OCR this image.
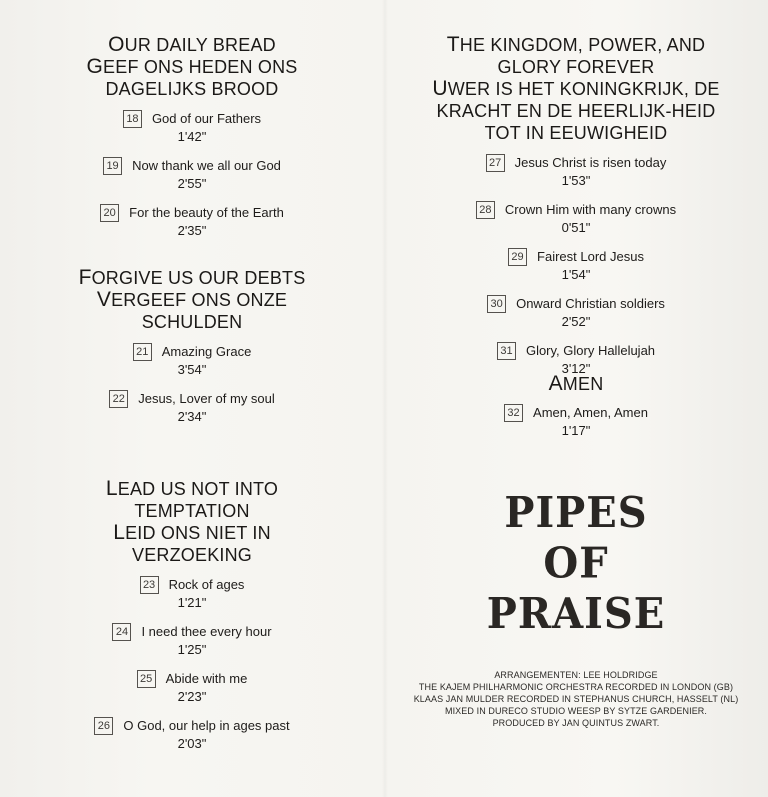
OUR DAILY BREAD
GEEF ONS HEDEN ONS DAGELIJKS BROOD
18 God of our Fathers
1'42"
19 Now thank we all our God
2'55"
20 For the beauty of the Earth
2'35"
FORGIVE US OUR DEBTS
VERGEEF ONS ONZE SCHULDEN
21 Amazing Grace
3'54"
22 Jesus, Lover of my soul
2'34"
LEAD US NOT INTO TEMPTATION
LEID ONS NIET IN VERZOEKING
23 Rock of ages
1'21"
24 I need thee every hour
1'25"
25 Abide with me
2'23"
26 O God, our help in ages past
2'03"
THE KINGDOM, POWER, AND GLORY FOREVER
UWER IS HET KONINGKRIJK, DE KRACHT EN DE HEERLIJK-HEID TOT IN EEUWIGHEID
27 Jesus Christ is risen today
1'53"
28 Crown Him with many crowns
0'51"
29 Fairest Lord Jesus
1'54"
30 Onward Christian soldiers
2'52"
31 Glory, Glory Hallelujah
3'12"
AMEN
32 Amen, Amen, Amen
1'17"
PIPES
OF
PRAISE
ARRANGEMENTEN: LEE HOLDRIDGE
THE KAJEM PHILHARMONIC ORCHESTRA RECORDED IN LONDON (GB)
KLAAS JAN MULDER RECORDED IN STEPHANUS CHURCH, HASSELT (NL)
MIXED IN DURECO STUDIO WEESP BY SYTZE GARDENIER.
PRODUCED BY JAN QUINTUS ZWART.
